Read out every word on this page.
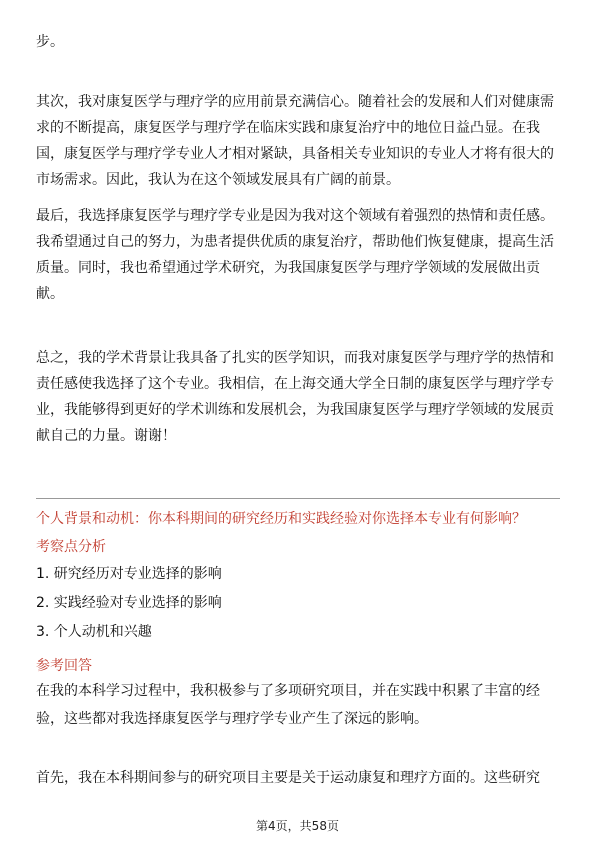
步。

其次，我对康复医学与理疗学的应用前景充满信心。随着社会的发展和人们对健康需求的不断提高，康复医学与理疗学在临床实践和康复治疗中的地位日益凸显。在我国，康复医学与理疗学专业人才相对紧缺，具备相关专业知识的专业人才将有很大的市场需求。因此，我认为在这个领域发展具有广阔的前景。

最后，我选择康复医学与理疗学专业是因为我对这个领域有着强烈的热情和责任感。我希望通过自己的努力，为患者提供优质的康复治疗，帮助他们恢复健康，提高生活质量。同时，我也希望通过学术研究，为我国康复医学与理疗学领域的发展做出贡献。

总之，我的学术背景让我具备了扎实的医学知识，而我对康复医学与理疗学的热情和责任感使我选择了这个专业。我相信，在上海交通大学全日制的康复医学与理疗学专业，我能够得到更好的学术训练和发展机会，为我国康复医学与理疗学领域的发展贡献自己的力量。谢谢！

个人背景和动机：你本科期间的研究经历和实践经验对你选择本专业有何影响？
考察点分析
1. 研究经历对专业选择的影响
2. 实践经验对专业选择的影响
3. 个人动机和兴趣
参考回答

在我的本科学习过程中，我积极参与了多项研究项目，并在实践中积累了丰富的经验，这些都对我选择康复医学与理疗学专业产生了深远的影响。

首先，我在本科期间参与的研究项目主要是关于运动康复和理疗方面的。这些研究

第4页，共58页
